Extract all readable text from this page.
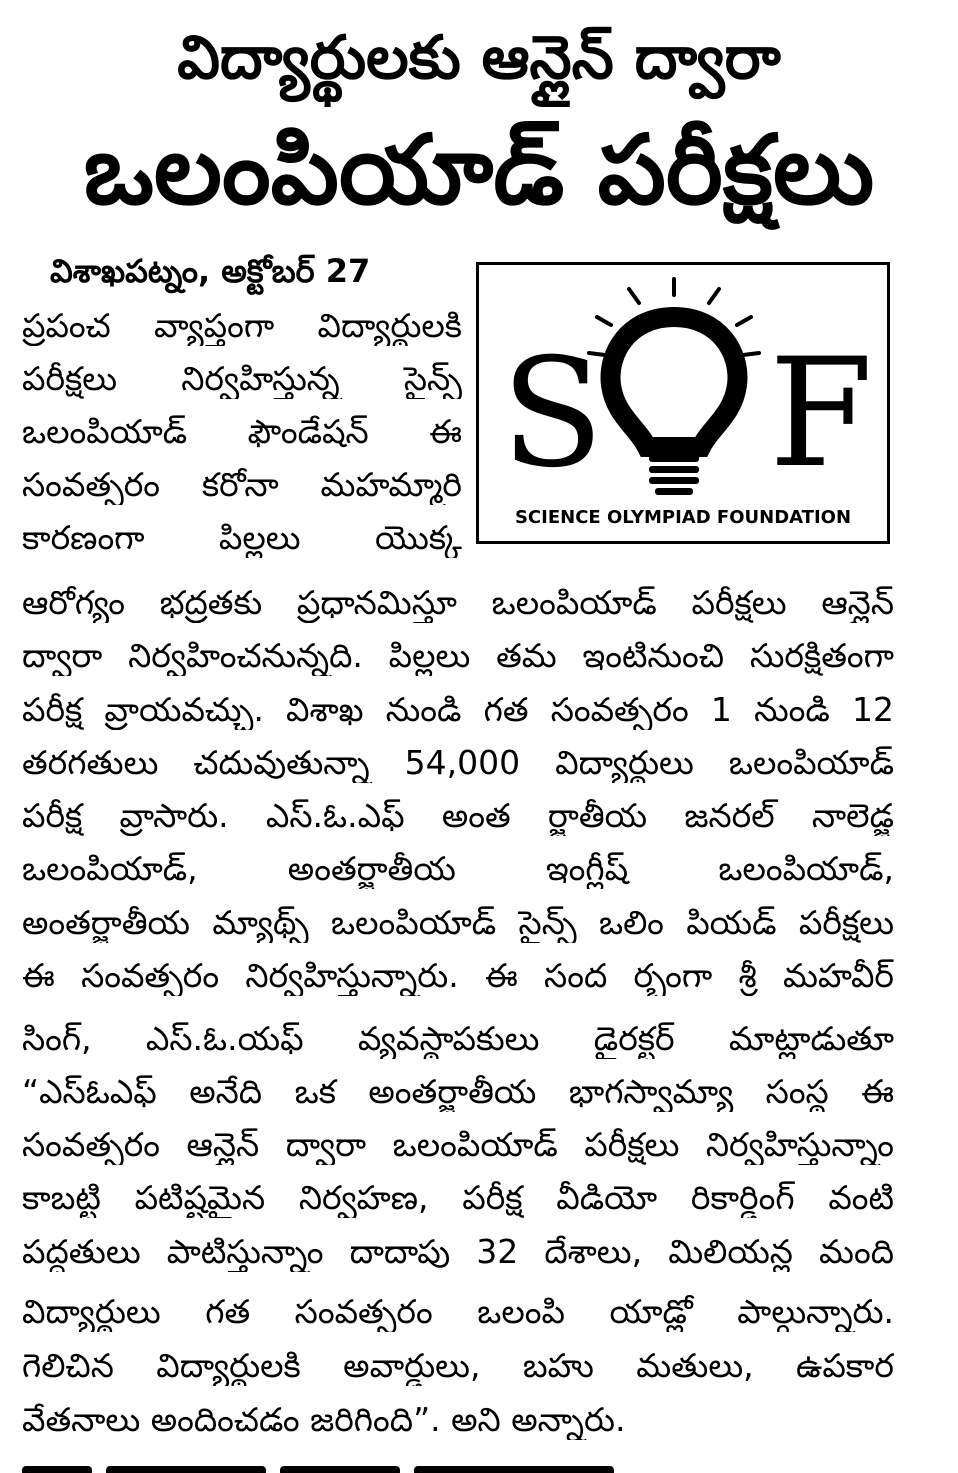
విద్యార్థులకు ఆన్లైన్ ద్వారా
ఒలంపియాడ్ పరీక్షలు
విశాఖపట్నం, అక్టోబర్ 27
S F
SCIENCE OLYMPIAD FOUNDATION
ప్రపంచ వ్యాప్తంగా విద్యార్థులకి
పరీక్షలు నిర్వహిస్తున్న సైన్స్
ఒలంపియాడ్ ఫౌండేషన్ ఈ
సంవత్సరం కరోనా మహమ్మారి
కారణంగా పిల్లలు యొక్క
ఆరోగ్యం భద్రతకు ప్రధానమిస్తూ ఒలంపియాడ్ పరీక్షలు ఆన్లైన్
ద్వారా నిర్వహించనున్నది. పిల్లలు తమ ఇంటినుంచి సురక్షితంగా
పరీక్ష వ్రాయవచ్చు. విశాఖ నుండి గత సంవత్సరం 1 నుండి 12
తరగతులు చదువుతున్నా 54,000 విద్యార్థులు ఒలంపియాడ్
పరీక్ష వ్రాసారు. ఎస్.ఓ.ఎఫ్ అంత ర్జాతీయ జనరల్ నాలెడ్జ
ఒలంపియాడ్, అంతర్జాతీయ ఇంగ్లీష్ ఒలంపియాడ్,
అంతర్జాతీయ మ్యాథ్స్ ఒలంపియాడ్ సైన్స్ ఒలిం పియడ్ పరీక్షలు
ఈ సంవత్సరం నిర్వహిస్తున్నారు. ఈ సంద ర్భంగా శ్రీ మహవీర్
సింగ్, ఎస్.ఓ.యఫ్ వ్యవస్థాపకులు డైరక్టర్ మాట్లాడుతూ
“ఎస్ఓఎఫ్ అనేది ఒక అంతర్జాతీయ భాగస్వామ్యా సంస్థ ఈ
సంవత్సరం ఆన్లైన్ ద్వారా ఒలంపియాడ్ పరీక్షలు నిర్వహిస్తున్నాం
కాబట్టి పటిష్టమైన నిర్వహణ, పరీక్ష వీడియో రికార్డింగ్ వంటి
పద్ధతులు పాటిస్తున్నాం దాదాపు 32 దేశాలు, మిలియన్ల మంది
విద్యార్థులు గత సంవత్సరం ఒలంపి యాడ్లో పాల్గున్నారు.
గెలిచిన విద్యార్థులకి అవార్డులు, బహు మతులు, ఉపకార
వేతనాలు అందించడం జరిగింది”. అని అన్నారు.
